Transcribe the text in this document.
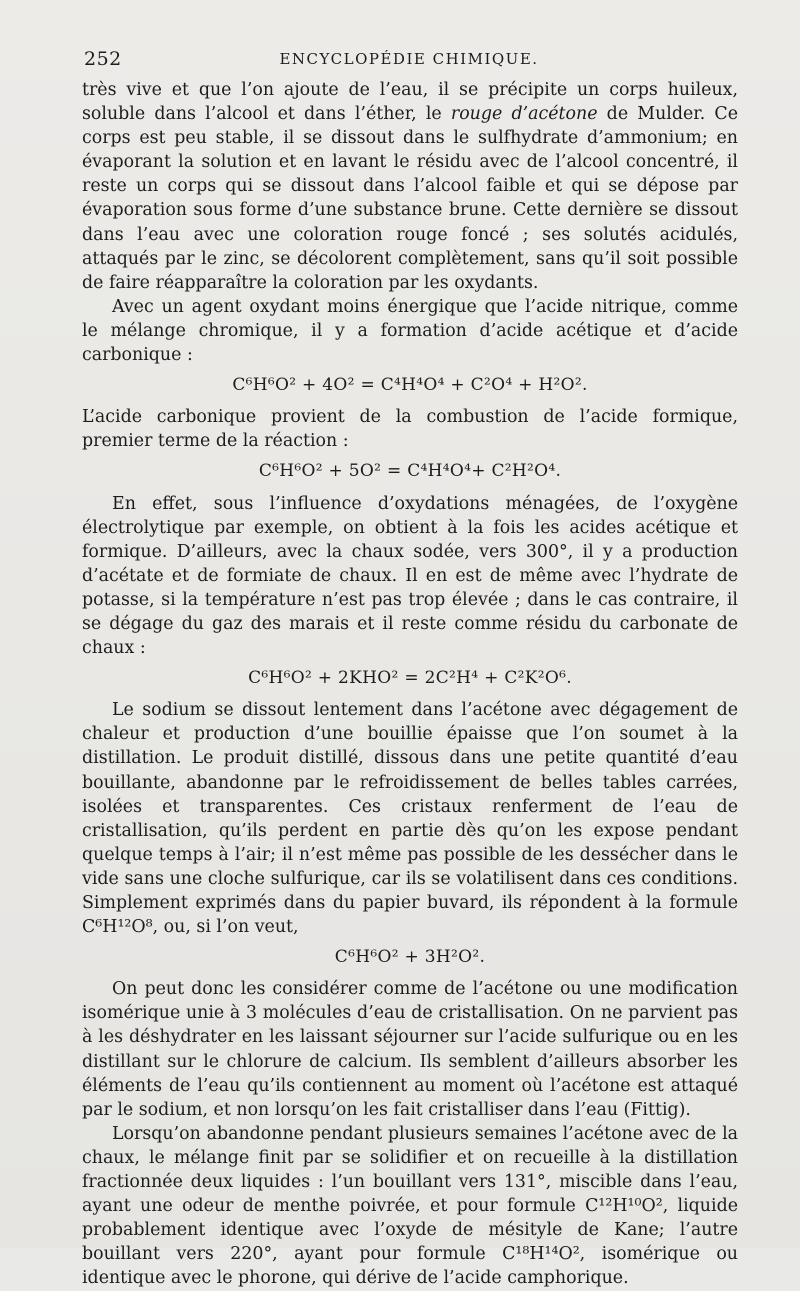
252	ENCYCLOPÉDIE CHIMIQUE.

très vive et que l’on ajoute de l’eau, il se précipite un corps huileux, soluble dans l’alcool et dans l’éther, le rouge d’acétone de Mulder. Ce corps est peu stable, il se dissout dans le sulfhydrate d’ammonium; en évaporant la solution et en lavant le résidu avec de l’alcool concentré, il reste un corps qui se dissout dans l’alcool faible et qui se dépose par évaporation sous forme d’une substance brune. Cette dernière se dissout dans l’eau avec une coloration rouge foncé ; ses solutés acidulés, attaqués par le zinc, se décolorent complètement, sans qu’il soit possible de faire réapparaître la coloration par les oxydants.

Avec un agent oxydant moins énergique que l’acide nitrique, comme le mélange chromique, il y a formation d’acide acétique et d’acide carbonique :

C⁶H⁶O² + 4O² = C⁴H⁴O⁴ + C²O⁴ + H²O².

L’acide carbonique provient de la combustion de l’acide formique, premier terme de la réaction :

C⁶H⁶O² + 5O² = C⁴H⁴O⁴+ C²H²O⁴.

En effet, sous l’influence d’oxydations ménagées, de l’oxygène électrolytique par exemple, on obtient à la fois les acides acétique et formique. D’ailleurs, avec la chaux sodée, vers 300°, il y a production d’acétate et de formiate de chaux. Il en est de même avec l’hydrate de potasse, si la température n’est pas trop élevée ; dans le cas contraire, il se dégage du gaz des marais et il reste comme résidu du carbonate de chaux :

C⁶H⁶O² + 2KHO² = 2C²H⁴ + C²K²O⁶.

Le sodium se dissout lentement dans l’acétone avec dégagement de chaleur et production d’une bouillie épaisse que l’on soumet à la distillation. Le produit distillé, dissous dans une petite quantité d’eau bouillante, abandonne par le refroidissement de belles tables carrées, isolées et transparentes. Ces cristaux renferment de l’eau de cristallisation, qu’ils perdent en partie dès qu’on les expose pendant quelque temps à l’air; il n’est même pas possible de les dessécher dans le vide sans une cloche sulfurique, car ils se volatilisent dans ces conditions. Simplement exprimés dans du papier buvard, ils répondent à la formule C⁶H¹²O⁸, ou, si l’on veut,

C⁶H⁶O² + 3H²O².

On peut donc les considérer comme de l’acétone ou une modification isomérique unie à 3 molécules d’eau de cristallisation. On ne parvient pas à les déshydrater en les laissant séjourner sur l’acide sulfurique ou en les distillant sur le chlorure de calcium. Ils semblent d’ailleurs absorber les éléments de l’eau qu’ils contiennent au moment où l’acétone est attaqué par le sodium, et non lorsqu’on les fait cristalliser dans l’eau (Fittig).

Lorsqu’on abandonne pendant plusieurs semaines l’acétone avec de la chaux, le mélange finit par se solidifier et on recueille à la distillation fractionnée deux liquides : l’un bouillant vers 131°, miscible dans l’eau, ayant une odeur de menthe poivrée, et pour formule C¹²H¹⁰O², liquide probablement identique avec l’oxyde de mésityle de Kane; l’autre bouillant vers 220°, ayant pour formule C¹⁸H¹⁴O², isomérique ou identique avec le phorone, qui dérive de l’acide camphorique.
